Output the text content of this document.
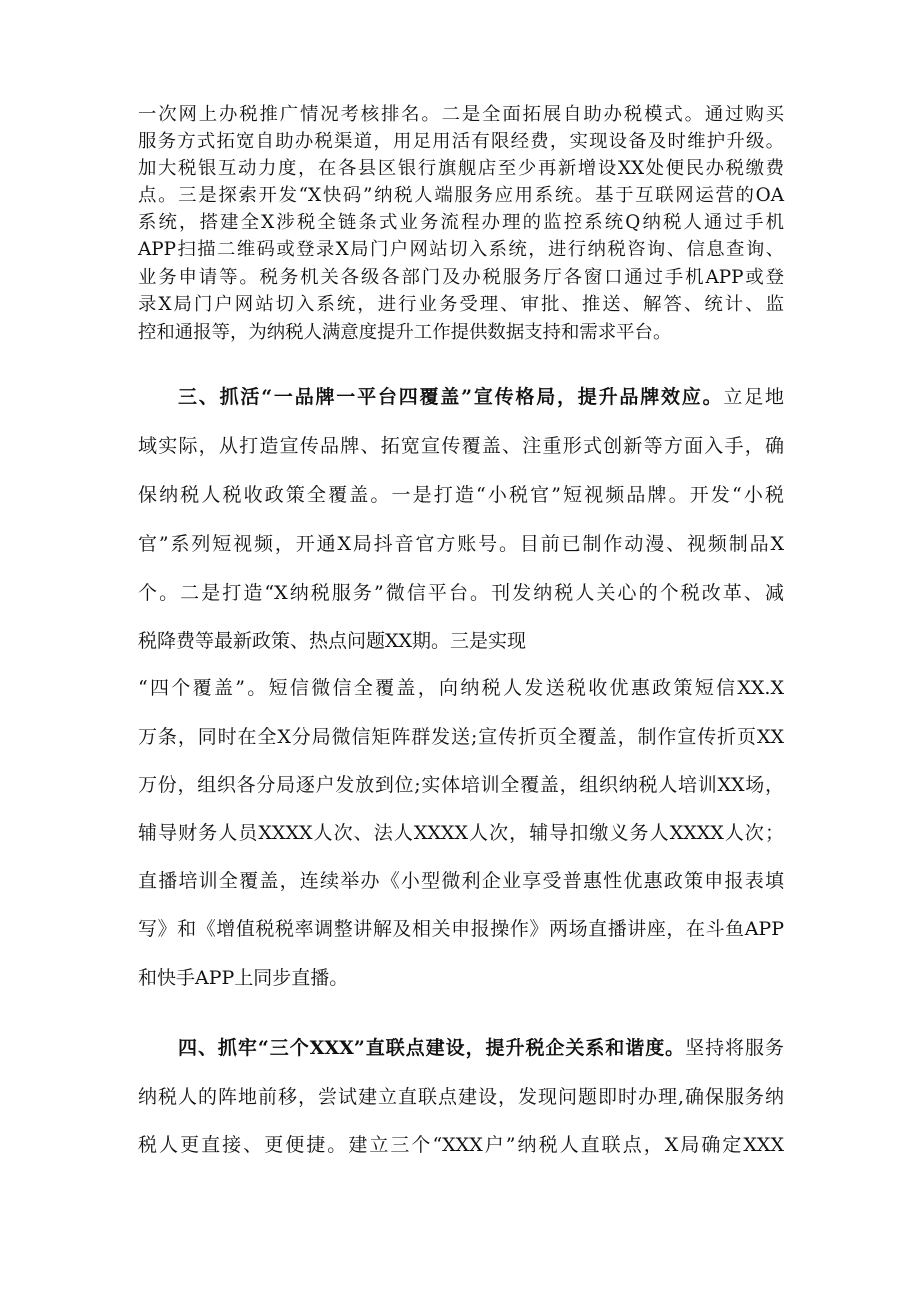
一次网上办税推广情况考核排名。二是全面拓展自助办税模式。通过购买
服务方式拓宽自助办税渠道，用足用活有限经费，实现设备及时维护升级。
加大税银互动力度，在各县区银行旗舰店至少再新增设XX处便民办税缴费
点。三是探索开发“X快码”纳税人端服务应用系统。基于互联网运营的OA
系统，搭建全X涉税全链条式业务流程办理的监控系统Q纳税人通过手机
APP扫描二维码或登录X局门户网站切入系统，进行纳税咨询、信息查询、
业务申请等。税务机关各级各部门及办税服务厅各窗口通过手机APP或登
录X局门户网站切入系统，进行业务受理、审批、推送、解答、统计、监
控和通报等，为纳税人满意度提升工作提供数据支持和需求平台。
三、抓活“一品牌一平台四覆盖”宣传格局，提升品牌效应。立足地
域实际，从打造宣传品牌、拓宽宣传覆盖、注重形式创新等方面入手，确
保纳税人税收政策全覆盖。一是打造“小税官”短视频品牌。开发“小税
官”系列短视频，开通X局抖音官方账号。目前已制作动漫、视频制品X
个。二是打造“X纳税服务”微信平台。刊发纳税人关心的个税改革、减
税降费等最新政策、热点问题XX期。三是实现
“四个覆盖”。短信微信全覆盖，向纳税人发送税收优惠政策短信XX.X
万条，同时在全X分局微信矩阵群发送;宣传折页全覆盖，制作宣传折页XX
万份，组织各分局逐户发放到位;实体培训全覆盖，组织纳税人培训XX场，
辅导财务人员XXXX人次、法人XXXX人次，辅导扣缴义务人XXXX人次；
直播培训全覆盖，连续举办《小型微利企业享受普惠性优惠政策申报表填
写》和《增值税税率调整讲解及相关申报操作》两场直播讲座，在斗鱼APP
和快手APP上同步直播。
四、抓牢“三个XXX”直联点建设，提升税企关系和谐度。坚持将服务
纳税人的阵地前移，尝试建立直联点建设，发现问题即时办理,确保服务纳
税人更直接、更便捷。建立三个“XXX户”纳税人直联点，X局确定XXX
